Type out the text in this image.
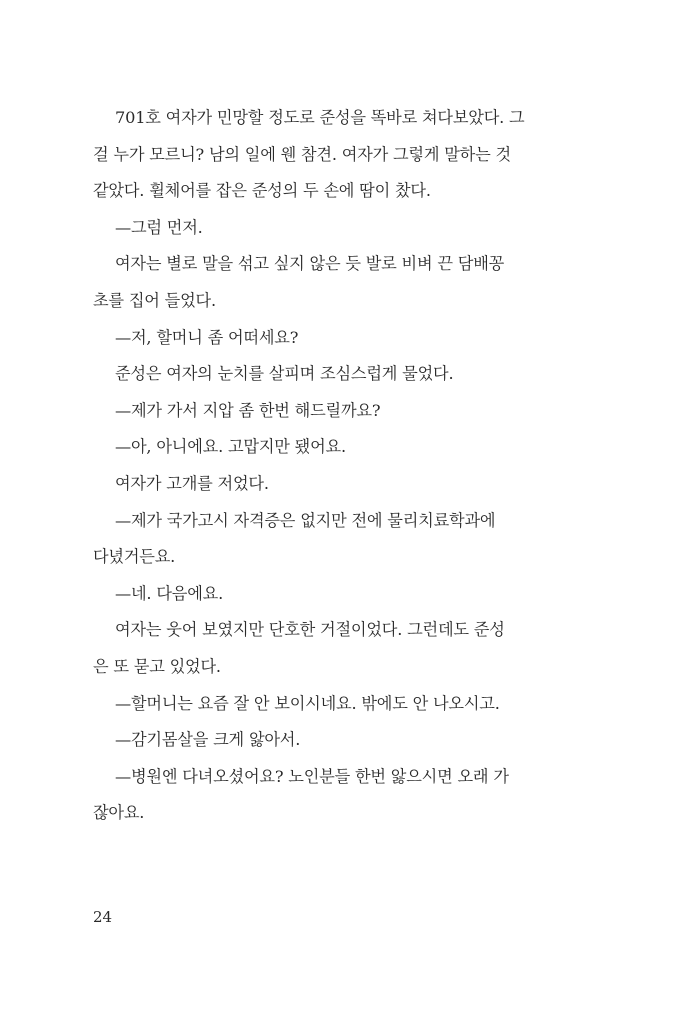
701호 여자가 민망할 정도로 준성을 똑바로 쳐다보았다. 그

걸 누가 모르니? 남의 일에 웬 참견. 여자가 그렇게 말하는 것

같았다. 휠체어를 잡은 준성의 두 손에 땀이 찼다.

—그럼 먼저.

여자는 별로 말을 섞고 싶지 않은 듯 발로 비벼 끈 담배꽁

초를 집어 들었다.

—저, 할머니 좀 어떠세요?

준성은 여자의 눈치를 살피며 조심스럽게 물었다.

—제가 가서 지압 좀 한번 해드릴까요?

—아, 아니에요. 고맙지만 됐어요.

여자가 고개를 저었다.

—제가 국가고시 자격증은 없지만 전에 물리치료학과에

다녔거든요.

—네. 다음에요.

여자는 웃어 보였지만 단호한 거절이었다. 그런데도 준성

은 또 묻고 있었다.

—할머니는 요즘 잘 안 보이시네요. 밖에도 안 나오시고.

—감기몸살을 크게 앓아서.

—병원엔 다녀오셨어요? 노인분들 한번 앓으시면 오래 가

잖아요.

24
